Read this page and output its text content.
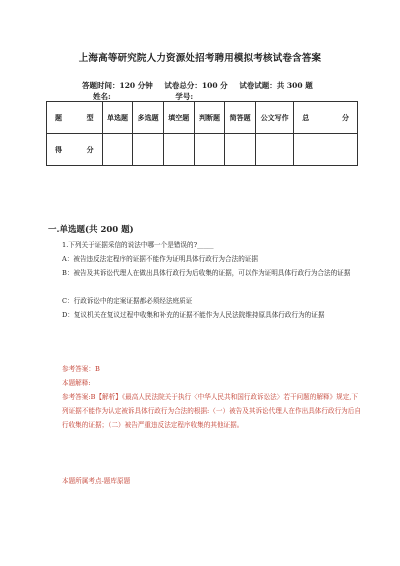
上海高等研究院人力资源处招考聘用模拟考核试卷含答案
答题时间：120 分钟 试卷总分：100 分 试卷试题：共 300 题
姓名:	学号:
题　　型	单选题	多选题	填空题	判断题	简答题	公文写作	总　　分
得　　分							
一.单选题(共 200 题)
1.下列关于证据采信的说法中哪一个是错误的?_____
A：被告违反法定程序的证据不能作为证明具体行政行为合法的证据
B：被告及其诉讼代理人在做出具体行政行为后收集的证据，可以作为证明具体行政行为合法的证据
C：行政诉讼中的定案证据都必须经法庭质证
D：复议机关在复议过程中收集和补充的证据不能作为人民法院维持原具体行政行为的证据
参考答案：B
本题解释:
参考答案:B【解析】《最高人民法院关于执行〈中华人民共和国行政诉讼法〉若干问题的解释》规定,下列证据不能作为认定被诉具体行政行为合法的根据:（一）被告及其诉讼代理人在作出具体行政行为后自行收集的证据；（二）被告严重违反法定程序收集的其他证据。
本题所属考点-题库原题
